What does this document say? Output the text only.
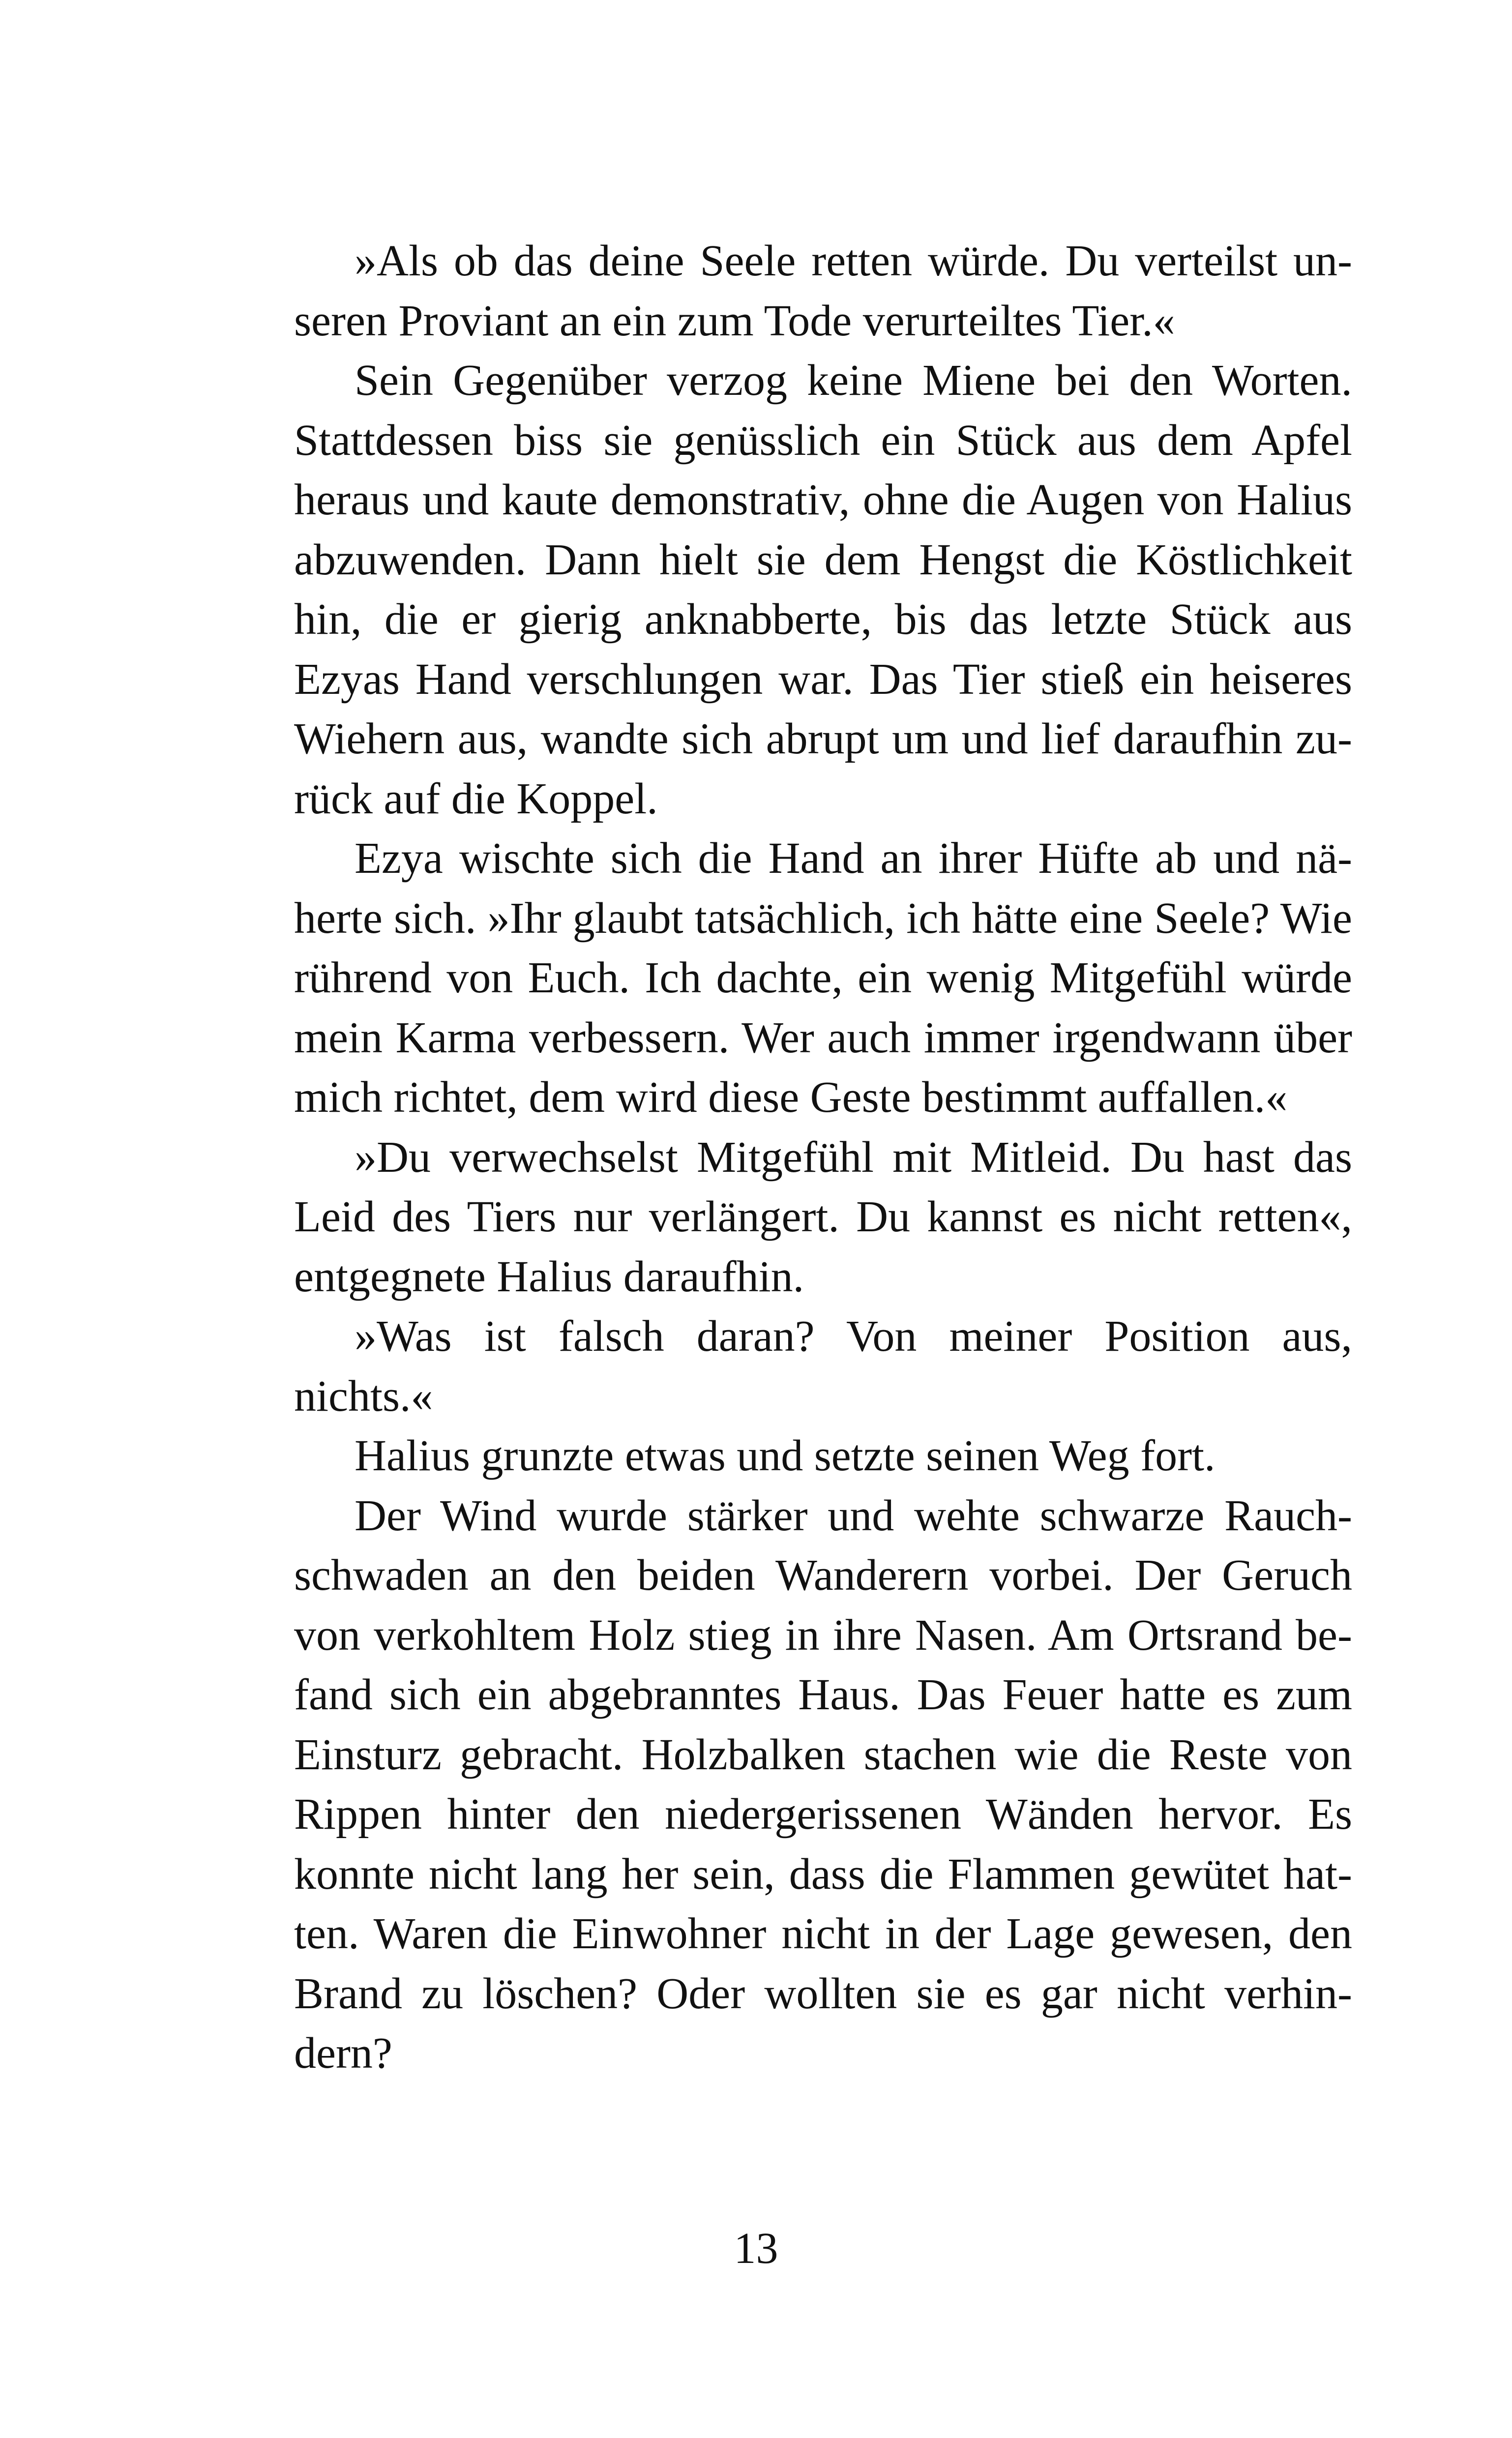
»Als ob das deine Seele retten würde. Du verteilst unseren Proviant an ein zum Tode verurteiltes Tier.«

Sein Gegenüber verzog keine Miene bei den Worten. Stattdessen biss sie genüsslich ein Stück aus dem Apfel heraus und kaute demonstrativ, ohne die Augen von Halius abzuwenden. Dann hielt sie dem Hengst die Köstlichkeit hin, die er gierig anknabberte, bis das letzte Stück aus Ezyas Hand verschlungen war. Das Tier stieß ein heiseres Wiehern aus, wandte sich abrupt um und lief daraufhin zurück auf die Koppel.

Ezya wischte sich die Hand an ihrer Hüfte ab und näherte sich. »Ihr glaubt tatsächlich, ich hätte eine Seele? Wie rührend von Euch. Ich dachte, ein wenig Mitgefühl würde mein Karma verbessern. Wer auch immer irgendwann über mich richtet, dem wird diese Geste bestimmt auffallen.«

»Du verwechselst Mitgefühl mit Mitleid. Du hast das Leid des Tiers nur verlängert. Du kannst es nicht retten«, entgegnete Halius daraufhin.

»Was ist falsch daran? Von meiner Position aus, nichts.«

Halius grunzte etwas und setzte seinen Weg fort.

Der Wind wurde stärker und wehte schwarze Rauchschwaden an den beiden Wanderern vorbei. Der Geruch von verkohltem Holz stieg in ihre Nasen. Am Ortsrand befand sich ein abgebranntes Haus. Das Feuer hatte es zum Einsturz gebracht. Holzbalken stachen wie die Reste von Rippen hinter den niedergerissenen Wänden hervor. Es konnte nicht lang her sein, dass die Flammen gewütet hatten. Waren die Einwohner nicht in der Lage gewesen, den Brand zu löschen? Oder wollten sie es gar nicht verhindern?

13
